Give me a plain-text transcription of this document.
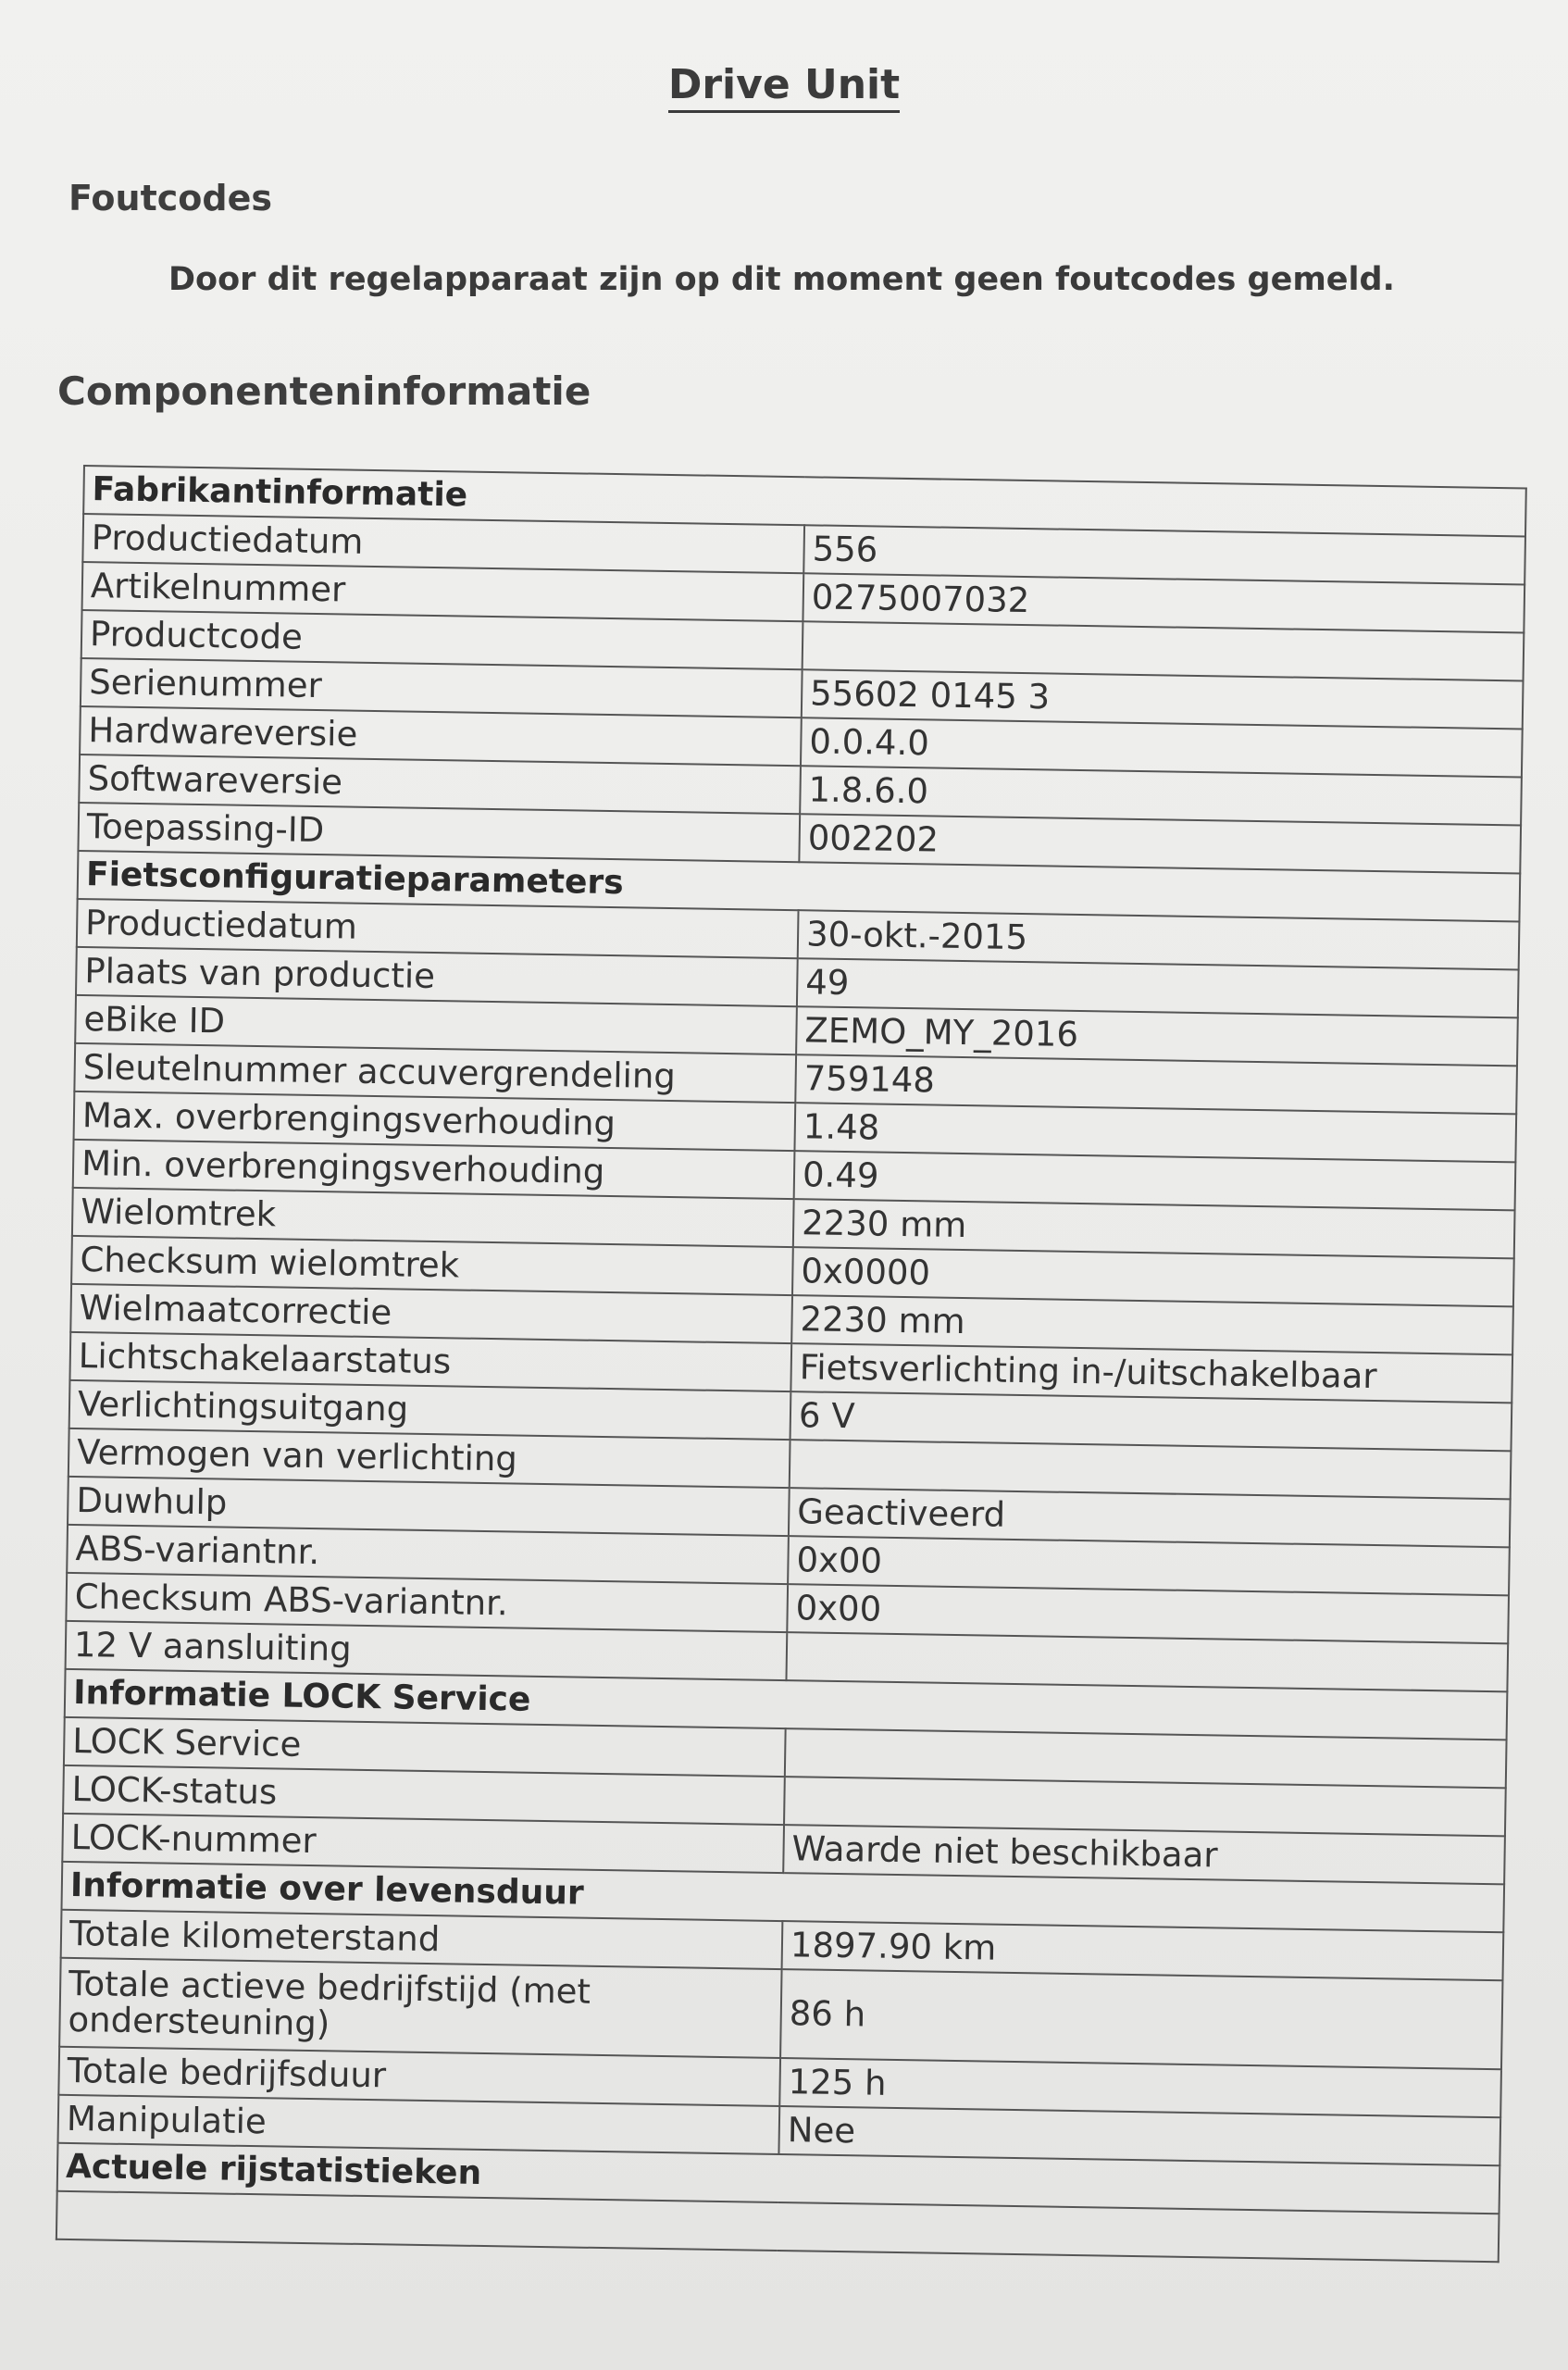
Drive Unit
Foutcodes
Door dit regelapparaat zijn op dit moment geen foutcodes gemeld.
Componenteninformatie
Fabrikantinformatie	
Productiedatum	556
Artikelnummer	0275007032
Productcode	
Serienummer	55602 0145 3
Hardwareversie	0.0.4.0
Softwareversie	1.8.6.0
Toepassing-ID	002202
Fietsconfiguratieparameters	
Productiedatum	30-okt.-2015
Plaats van productie	49
eBike ID	ZEMO_MY_2016
Sleutelnummer accuvergrendeling	759148
Max. overbrengingsverhouding	1.48
Min. overbrengingsverhouding	0.49
Wielomtrek	2230 mm
Checksum wielomtrek	0x0000
Wielmaatcorrectie	2230 mm
Lichtschakelaarstatus	Fietsverlichting in-/uitschakelbaar
Verlichtingsuitgang	6 V
Vermogen van verlichting	
Duwhulp	Geactiveerd
ABS-variantnr.	0x00
Checksum ABS-variantnr.	0x00
12 V aansluiting	
Informatie LOCK Service	
LOCK Service	
LOCK-status	
LOCK-nummer	Waarde niet beschikbaar
Informatie over levensduur	
Totale kilometerstand	1897.90 km
Totale actieve bedrijfstijd (met ondersteuning)	86 h
Totale bedrijfsduur	125 h
Manipulatie	Nee
Actuele rijstatistieken	
